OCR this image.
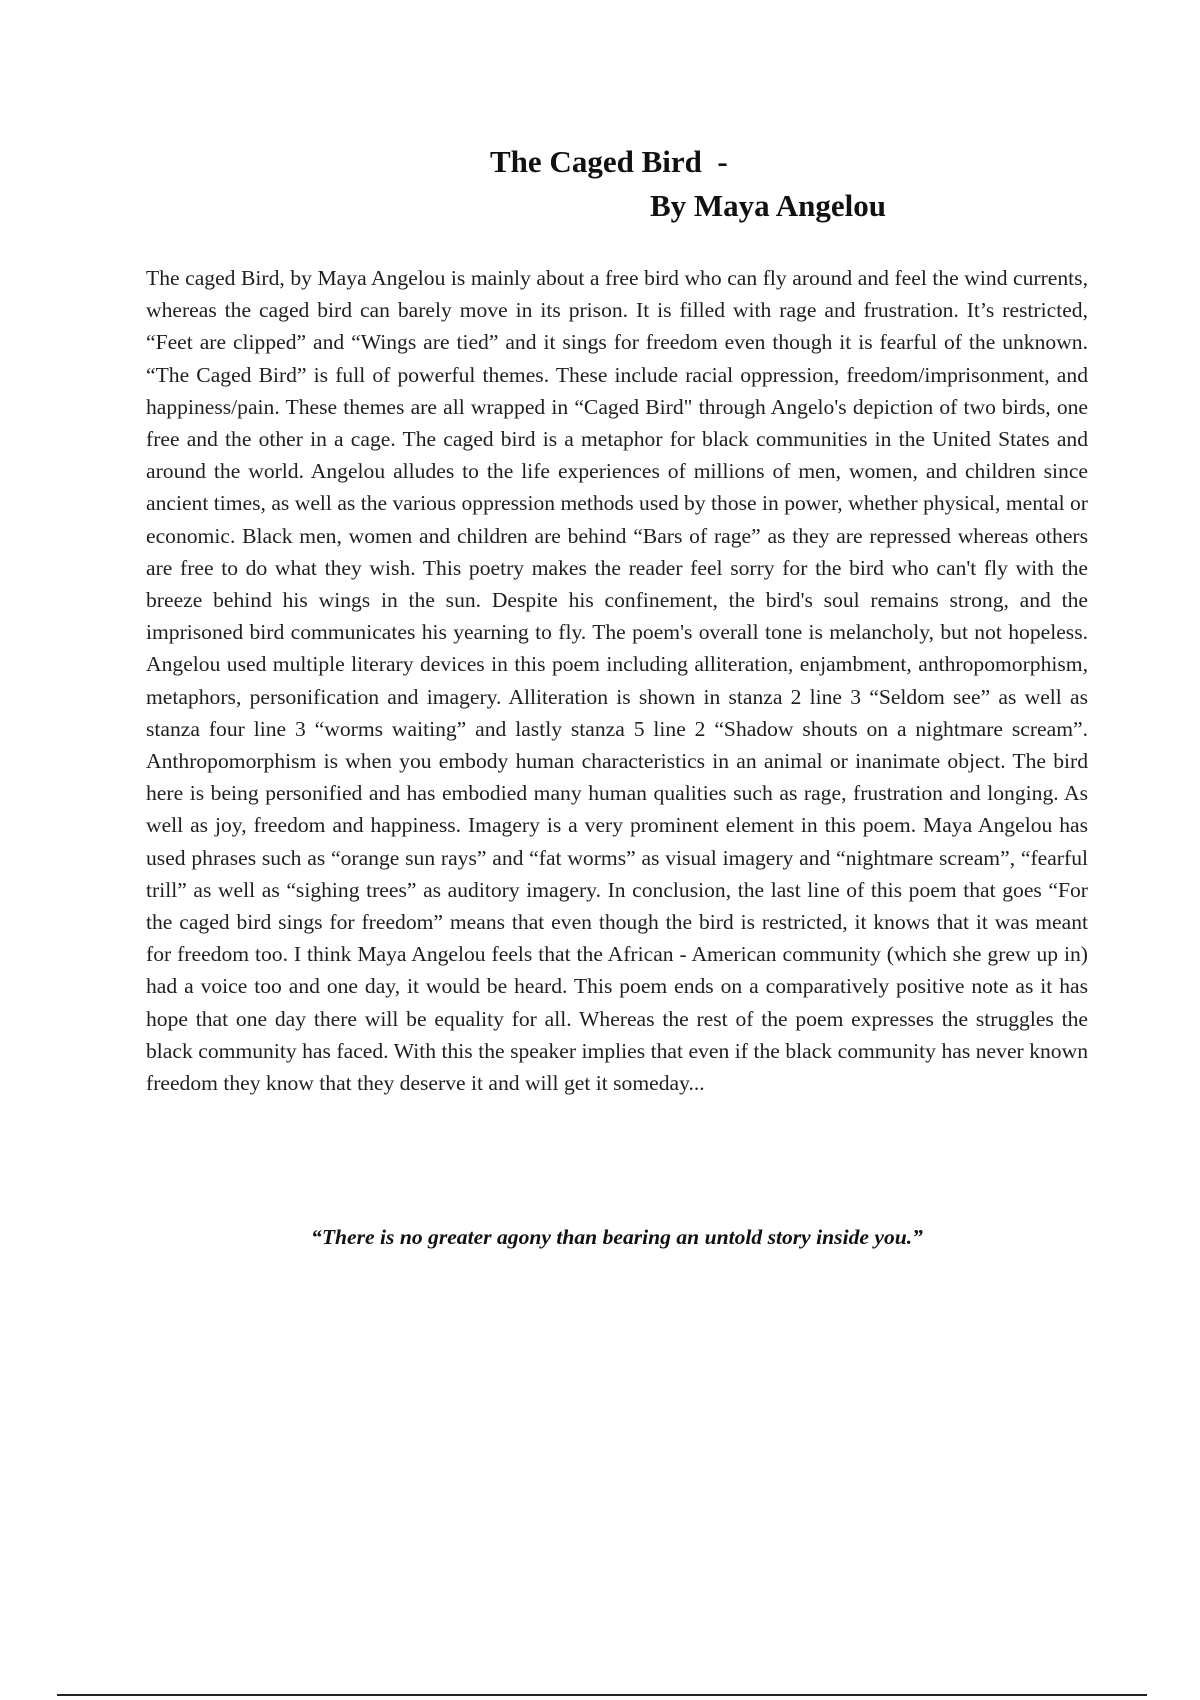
The Caged Bird  -
By Maya Angelou

The caged Bird, by Maya Angelou is mainly about a free bird who can fly around and feel the wind currents, whereas the caged bird can barely move in its prison. It is filled with rage and frustration. It’s restricted, “Feet are clipped” and “Wings are tied” and it sings for freedom even though it is fearful of the unknown. “The Caged Bird” is full of powerful themes. These include racial oppression, freedom/imprisonment, and happiness/pain. These themes are all wrapped in “Caged Bird" through Angelo's depiction of two birds, one free and the other in a cage. The caged bird is a metaphor for black communities in the United States and around the world. Angelou alludes to the life experiences of millions of men, women, and children since ancient times, as well as the various oppression methods used by those in power, whether physical, mental or economic. Black men, women and children are behind “Bars of rage” as they are repressed whereas others are free to do what they wish. This poetry makes the reader feel sorry for the bird who can't fly with the breeze behind his wings in the sun. Despite his confinement, the bird's soul remains strong, and the imprisoned bird communicates his yearning to fly. The poem's overall tone is melancholy, but not hopeless. Angelou used multiple literary devices in this poem including alliteration, enjambment, anthropomorphism, metaphors, personification and imagery. Alliteration is shown in stanza 2 line 3 “Seldom see” as well as stanza four line 3 “worms waiting” and lastly stanza 5 line 2 “Shadow shouts on a nightmare scream”. Anthropomorphism is when you embody human characteristics in an animal or inanimate object. The bird here is being personified and has embodied many human qualities such as rage, frustration and longing. As well as joy, freedom and happiness. Imagery is a very prominent element in this poem. Maya Angelou has used phrases such as “orange sun rays” and “fat worms” as visual imagery and “nightmare scream”, “fearful trill” as well as “sighing trees” as auditory imagery. In conclusion, the last line of this poem that goes “For the caged bird sings for freedom” means that even though the bird is restricted, it knows that it was meant for freedom too. I think Maya Angelou feels that the African - American community (which she grew up in) had a voice too and one day, it would be heard. This poem ends on a comparatively positive note as it has hope that one day there will be equality for all. Whereas the rest of the poem expresses the struggles the black community has faced. With this the speaker implies that even if the black community has never known freedom they know that they deserve it and will get it someday...

“There is no greater agony than bearing an untold story inside you.”
